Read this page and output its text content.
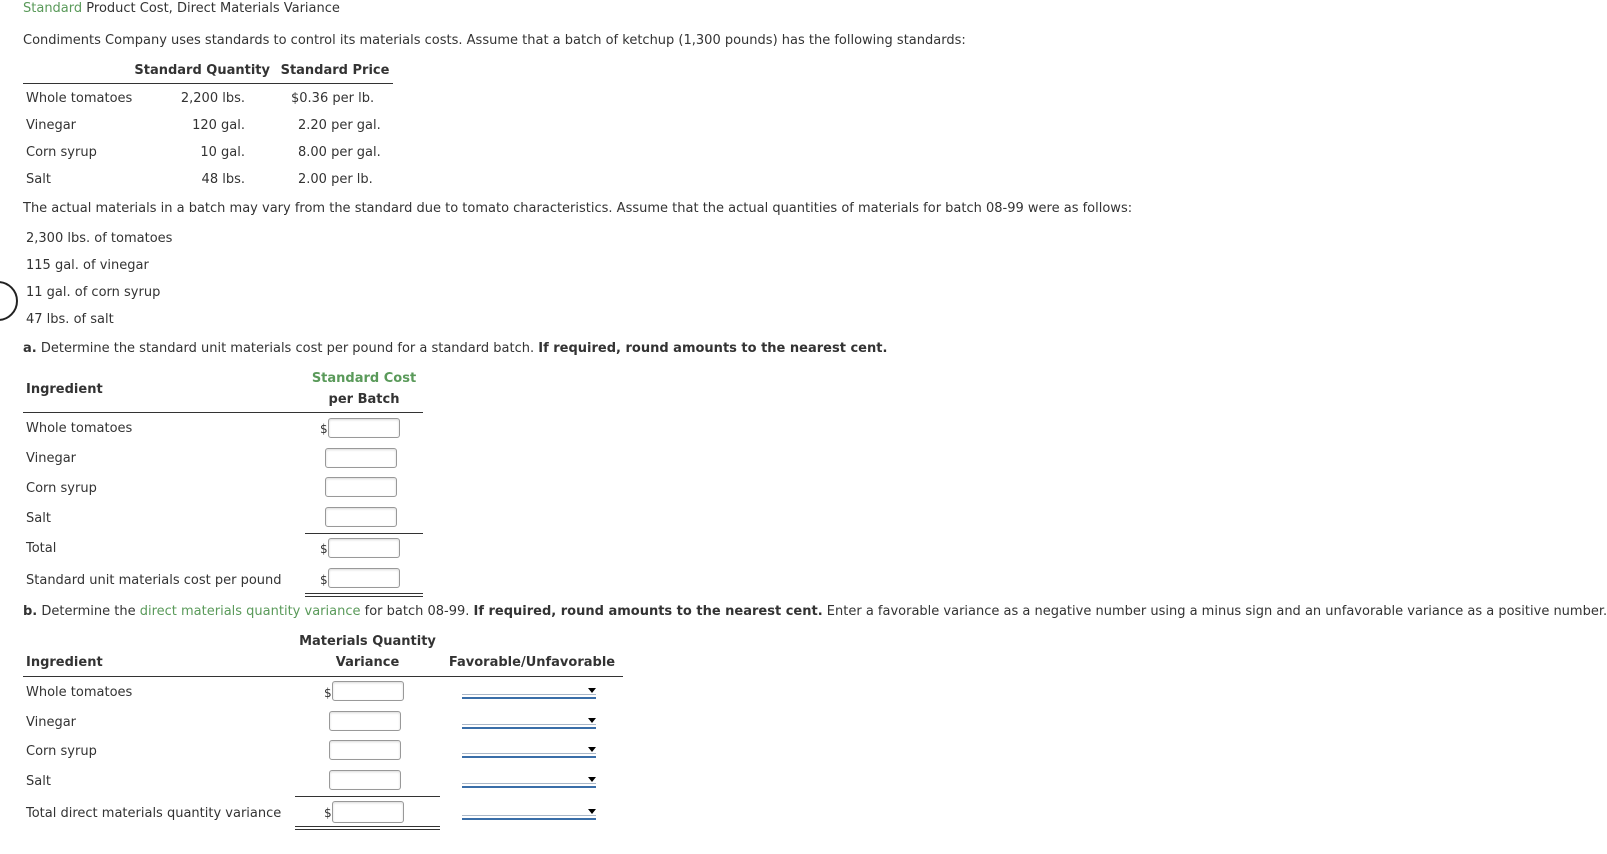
Standard Product Cost, Direct Materials Variance
Condiments Company uses standards to control its materials costs. Assume that a batch of ketchup (1,300 pounds) has the following standards:
Standard Quantity Standard Price
Whole tomatoes	2,200 lbs.	$0.36 per lb.
Vinegar	120 gal.	2.20 per gal.
Corn syrup	10 gal.	8.00 per gal.
Salt	48 lbs.	2.00 per lb.
The actual materials in a batch may vary from the standard due to tomato characteristics. Assume that the actual quantities of materials for batch 08-99 were as follows:
2,300 lbs. of tomatoes
115 gal. of vinegar
11 gal. of corn syrup
47 lbs. of salt
a. Determine the standard unit materials cost per pound for a standard batch. If required, round amounts to the nearest cent.
Ingredient
Standard Cost
per Batch
Whole tomatoes	$
Vinegar
Corn syrup
Salt
Total	$
Standard unit materials cost per pound	$
b. Determine the direct materials quantity variance for batch 08-99. If required, round amounts to the nearest cent. Enter a favorable variance as a negative number using a minus sign and an unfavorable variance as a positive number.
Materials Quantity
Variance
Ingredient	Favorable/Unfavorable
Whole tomatoes	$
Vinegar
Corn syrup
Salt
Total direct materials quantity variance	$
